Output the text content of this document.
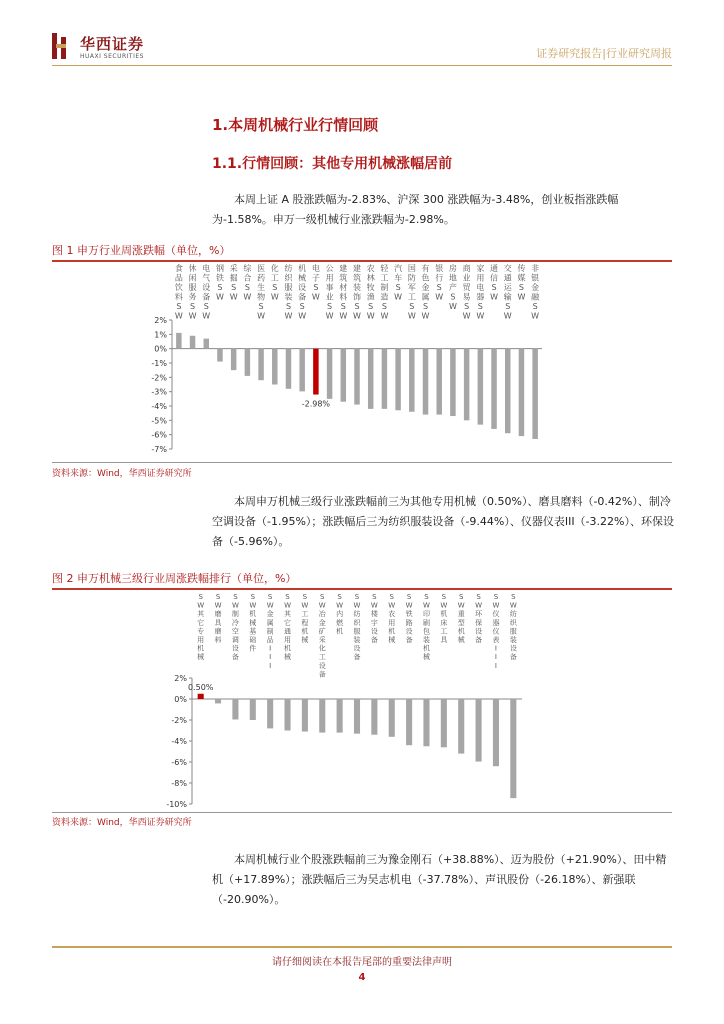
华西证券
HUAXI SECURITIES	证券研究报告|行业研究周报
1.本周机械行业行情回顾
1.1.行情回顾：其他专用机械涨幅居前
本周上证 A 股涨跌幅为-2.83%、沪深 300 涨跌幅为-3.48%，创业板指涨跌幅为-1.58%。申万一级机械行业涨跌幅为-2.98%。
图 1 申万行业周涨跌幅（单位，%）
2%
1%
0%
-1%
-2%
-3%
-4%
-5%
-6%
-7%
食品饮料 S W
休闲服务 S W
电气设备 S W
钢铁 S W
采掘 S W
综合 S W
医药生物 S W
化工 S W
纺织服装 S W
机械设备 S W
电子 S W
-2.98%
公用事业 S W
建筑材料 S W
建筑装饰 S W
农林牧渔 S W
轻工制造 S W
汽车 S W
国防军工 S W
有色金属 S W
银行 S W
房地产 S W
商业贸易 S W
家用电器 S W
通信 S W
交通运输 S W
传媒 S W
非银金融 S W
资料来源：Wind，华西证券研究所
本周申万机械三级行业涨跌幅前三为其他专用机械（0.50%）、磨具磨料（-0.42%）、制冷空调设备（-1.95%）；涨跌幅后三为纺织服装设备（-9.44%）、仪器仪表III（-3.22%）、环保设备（-5.96%）。
图 2 申万机械三级行业周涨跌幅排行（单位，%）
2%
0%
-2%
-4%
-6%
-8%
-10%
S W 其它专用机械
0.50%
S W 磨具磨料
S W 制冷空调设备
S W 机械基础件
S W 金属制品 I I I
S W 其它通用机械
S W 工程机械
S W 冶金矿采化工设备
S W 内燃机
S W 纺织服装设备
S W 楼宇设备
S W 农用机械
S W 铁路设备
S W 印刷包装机械
S W 机床工具
S W 重型机械
S W 环保设备
S W 仪器仪表 I I I
S W 纺织服装设备
资料来源：Wind，华西证券研究所
本周机械行业个股涨跌幅前三为豫金刚石（+38.88%）、迈为股份（+21.90%）、田中精机（+17.89%）；涨跌幅后三为吴志机电（-37.78%）、声讯股份（-26.18%）、新强联（-20.90%）。
请仔细阅读在本报告尾部的重要法律声明
4
